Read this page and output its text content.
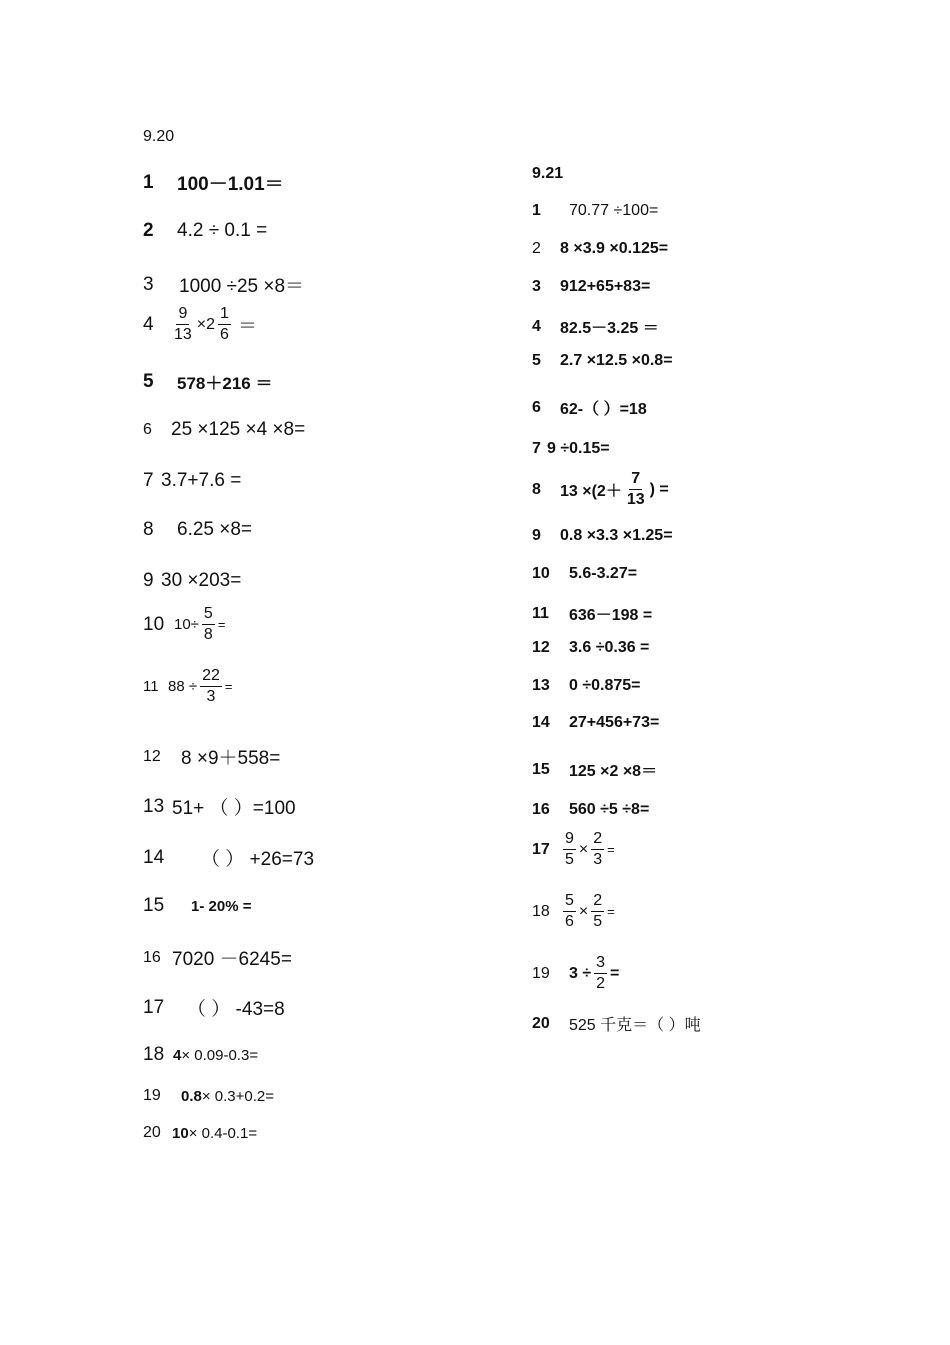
9.20
1	100－1.01＝
2	4.2 ÷ 0.1 =
3	1000 ÷25 ×8＝
4	$\frac{9}{13} \times 2 \frac{1}{6}$ ＝
5	578＋216 ＝
6	25 ×125 ×4 ×8=
7 3.7+7.6 =
8	6.25 ×8=
9 30 ×203=
10 $10\div \frac{5}{8}$ =
11 $88 \div \frac{22}{3}$ =
12	8 ×9＋558=
13 51+ （ ）=100
14	（ ） +26=73
15	1- 20% =
16 7020 －6245=
17	（ ） -43=8
18 4 × 0.09-0.3=
19	0.8 × 0.3+0.2=
20 10 × 0.4-0.1=
9.21
1	70.77 ÷100=
2	8 ×3.9 ×0.125=
3	912+65+83=
4	82.5－3.25 ＝
5	2.7 ×12.5 ×0.8=
6	62-（ ）=18
7 9 ÷0.15=
8	$13 \times(2+ \frac{7}{13}$ ) =
9	0.8 ×3.3 ×1.25=
10	5.6-3.27=
11	636－198 =
12	3.6 ÷0.36 =
13	0 ÷0.875=
14	27+456+73=
15	125 ×2 ×8＝
16	560 ÷5 ÷8=
$17 \frac{9}{5} \times \frac{2}{3}$ =
$18 \frac{5}{6} \times \frac{2}{5}$ =
19	$3 \div \frac{3}{2}$ =
20	525 千克＝（ ）吨
